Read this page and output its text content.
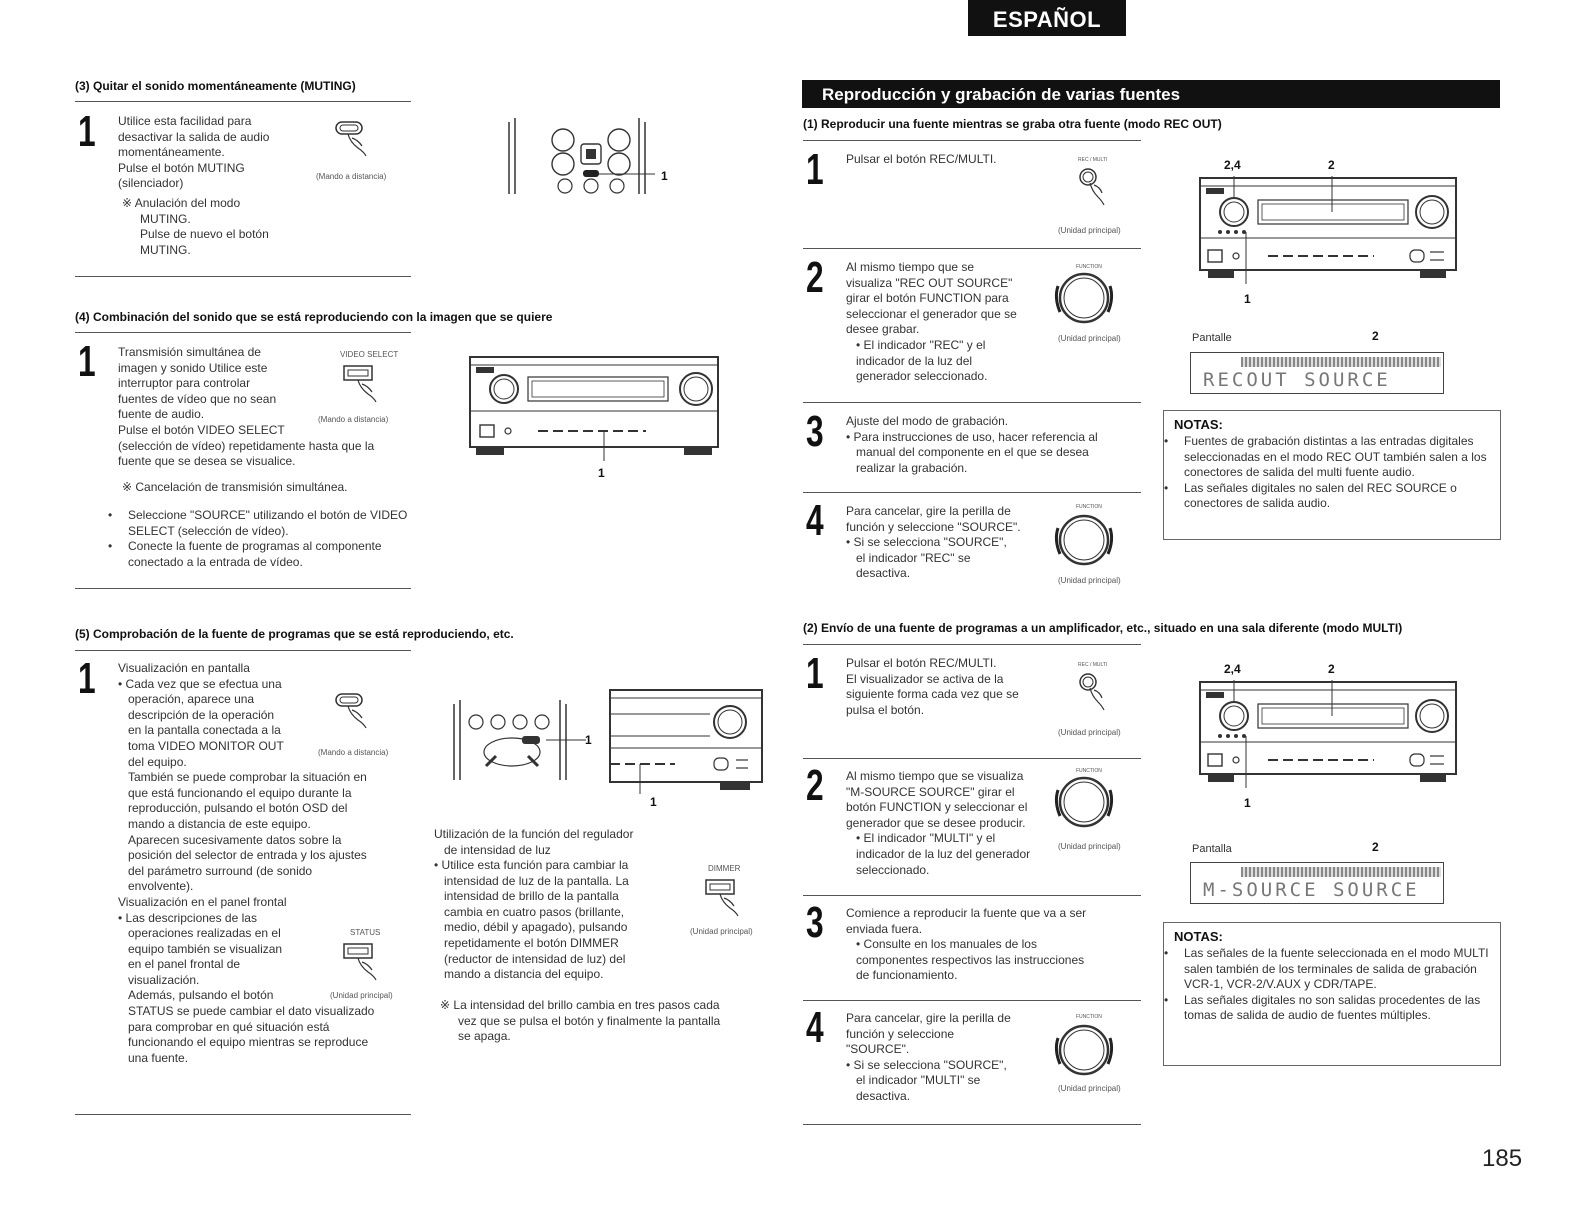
ESPAÑOL
(3) Quitar el sonido momentáneamente (MUTING)
1 Utilice esta facilidad para
desactivar la salida de audio
momentáneamente.
Pulse el botón MUTING
(silenciador)
※ Anulación del modo
MUTING.
Pulse de nuevo el botón
MUTING.
(Mando a distancia)	1
(4) Combinación del sonido que se está reproduciendo con la imagen que se quiere
1 Transmisión simultánea de
imagen y sonido Utilice este
interruptor para controlar
fuentes de vídeo que no sean
fuente de audio.
Pulse el botón VIDEO SELECT
(selección de vídeo) repetidamente hasta que la
fuente que se desea se visualice.
VIDEO SELECT
(Mando a distancia)
※ Cancelación de transmisión simultánea.
• Seleccione "SOURCE" utilizando el botón de VIDEO SELECT (selección de vídeo).
• Conecte la fuente de programas al componente conectado a la entrada de vídeo.
1
(5) Comprobación de la fuente de programas que se está reproduciendo, etc.
1 Visualización en pantalla
• Cada vez que se efectua una
operación, aparece una
descripción de la operación
en la pantalla conectada a la
toma VIDEO MONITOR OUT
del equipo.
También se puede comprobar la situación en
que está funcionando el equipo durante la
reproducción, pulsando el botón OSD del
mando a distancia de este equipo.
Aparecen sucesivamente datos sobre la
posición del selector de entrada y los ajustes
del parámetro surround (de sonido
envolvente).
Visualización en el panel frontal
• Las descripciones de las
operaciones realizadas en el
equipo también se visualizan
en el panel frontal de
visualización.
Además, pulsando el botón
STATUS se puede cambiar el dato visualizado
para comprobar en qué situación está
funcionando el equipo mientras se reproduce
una fuente.
(Mando a distancia)
STATUS
(Unidad principal)
1
1
Utilización de la función del regulador
de intensidad de luz
• Utilice esta función para cambiar la
intensidad de luz de la pantalla. La
intensidad de brillo de la pantalla
cambia en cuatro pasos (brillante,
medio, débil y apagado), pulsando
repetidamente el botón DIMMER
(reductor de intensidad de luz) del
mando a distancia del equipo.
DIMMER
(Unidad principal)
※ La intensidad del brillo cambia en tres pasos cada
vez que se pulsa el botón y finalmente la pantalla
se apaga.
Reproducción y grabación de varias fuentes
(1) Reproducir una fuente mientras se graba otra fuente (modo REC OUT)
1 Pulsar el botón REC/MULTI.	REC / MULTI
(Unidad principal)
2 Al mismo tiempo que se
visualiza "REC OUT SOURCE"
girar el botón FUNCTION para
seleccionar el generador que se
desee grabar.
• El indicador "REC" y el
indicador de la luz del
generador seleccionado.
FUNCTION
(Unidad principal)
3 Ajuste del modo de grabación.
• Para instrucciones de uso, hacer referencia al
manual del componente en el que se desea
realizar la grabación.
4 Para cancelar, gire la perilla de
función y seleccione "SOURCE".
• Si se selecciona "SOURCE",
el indicador "REC" se
desactiva.
FUNCTION
(Unidad principal)
2,4	2
1
Pantalle	2
RECOUT SOURCE
NOTAS:
• Fuentes de grabación distintas a las entradas digitales seleccionadas en el modo REC OUT también salen a los conectores de salida del multi fuente audio.
• Las señales digitales no salen del REC SOURCE o conectores de salida audio.
(2) Envío de una fuente de programas a un amplificador, etc., situado en una sala diferente (modo MULTI)
1 Pulsar el botón REC/MULTI.
El visualizador se activa de la
siguiente forma cada vez que se
pulsa el botón.
REC / MULTI
(Unidad principal)
2 Al mismo tiempo que se visualiza
"M-SOURCE SOURCE" girar el
botón FUNCTION y seleccionar el
generador que se desee producir.
• El indicador "MULTI" y el
indicador de la luz del generador
seleccionado.
FUNCTION
(Unidad principal)
3 Comience a reproducir la fuente que va a ser
enviada fuera.
• Consulte en los manuales de los
componentes respectivos las instrucciones
de funcionamiento.
4 Para cancelar, gire la perilla de
función y seleccione
"SOURCE".
• Si se selecciona "SOURCE",
el indicador "MULTI" se
desactiva.
FUNCTION
(Unidad principal)
2,4	2
1
Pantalla	2
M-SOURCE SOURCE
NOTAS:
• Las señales de la fuente seleccionada en el modo MULTI salen también de los terminales de salida de grabación VCR-1, VCR-2/V.AUX y CDR/TAPE.
• Las señales digitales no son salidas procedentes de las tomas de salida de audio de fuentes múltiples.
185
